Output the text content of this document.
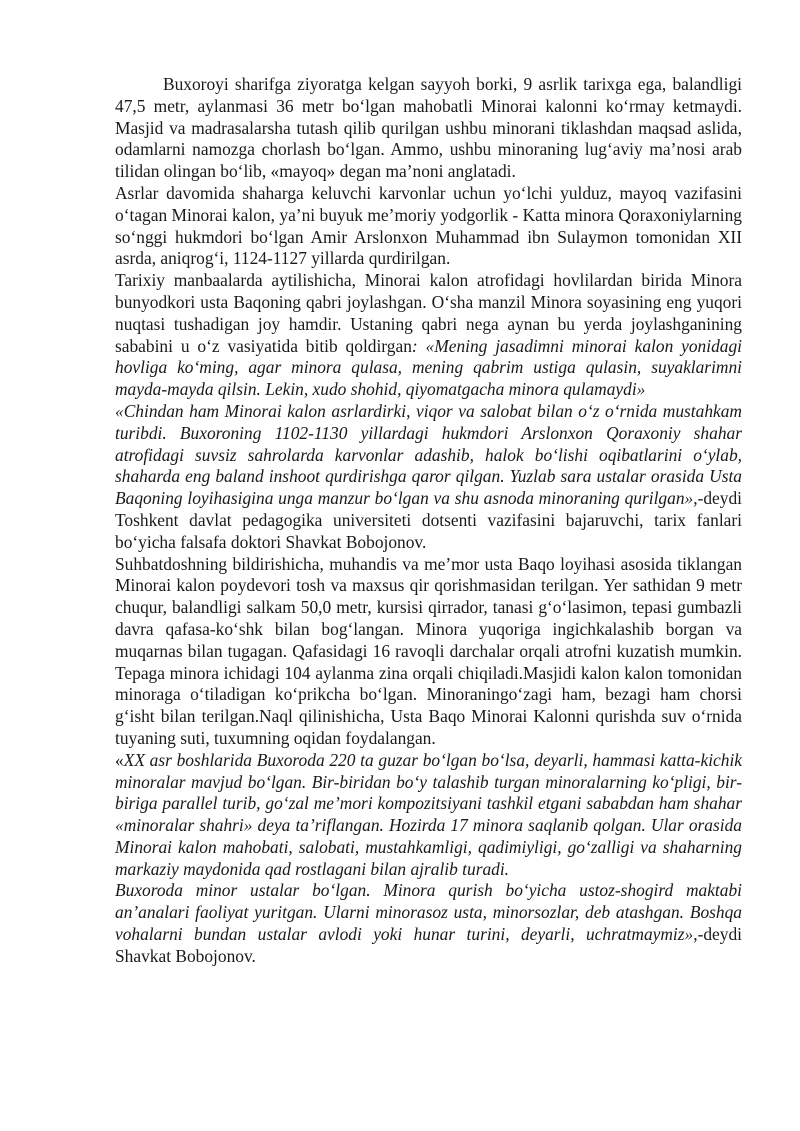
Buxoroyi sharifga ziyoratga kelgan sayyoh borki, 9 asrlik tarixga ega, balandligi 47,5 metr, aylanmasi 36 metr bo‘lgan mahobatli Minorai kalonni ko‘rmay ketmaydi. Masjid va madrasalarsha tutash qilib qurilgan ushbu minorani tiklashdan maqsad aslida, odamlarni namozga chorlash bo‘lgan. Ammo, ushbu minoraning lug‘aviy ma’nosi arab tilidan olingan bo‘lib, «mayoq» degan ma’noni anglatadi.

Asrlar davomida shaharga keluvchi karvonlar uchun yo‘lchi yulduz, mayoq vazifasini o‘tagan Minorai kalon, ya’ni buyuk me’moriy yodgorlik - Katta minora Qoraxoniylarning so‘nggi hukmdori bo‘lgan Amir Arslonxon Muhammad ibn Sulaymon tomonidan XII asrda, aniqrog‘i, 1124-1127 yillarda qurdirilgan.

Tarixiy manbaalarda aytilishicha, Minorai kalon atrofidagi hovlilardan birida Minora bunyodkori usta Baqoning qabri joylashgan. O‘sha manzil Minora soyasining eng yuqori nuqtasi tushadigan joy hamdir. Ustaning qabri nega aynan bu yerda joylashganining sababini u o‘z vasiyatida bitib qoldirgan: «Mening jasadimni minorai kalon yonidagi hovliga ko‘ming, agar minora qulasa, mening qabrim ustiga qulasin, suyaklarimni mayda-mayda qilsin. Lekin, xudo shohid, qiyomatgacha minora qulamaydi»

«Chindan ham Minorai kalon asrlardirki, viqor va salobat bilan o‘z o‘rnida mustahkam turibdi. Buxoroning 1102-1130 yillardagi hukmdori Arslonxon Qoraxoniy shahar atrofidagi suvsiz sahrolarda karvonlar adashib, halok bo‘lishi oqibatlarini o‘ylab, shaharda eng baland inshoot qurdirishga qaror qilgan. Yuzlab sara ustalar orasida Usta Baqoning loyihasigina unga manzur bo‘lgan va shu asnoda minoraning qurilgan»,-deydi Toshkent davlat pedagogika universiteti dotsenti vazifasini bajaruvchi, tarix fanlari bo‘yicha falsafa doktori Shavkat Bobojonov.

Suhbatdoshning bildirishicha, muhandis va me’mor usta Baqo loyihasi asosida tiklangan Minorai kalon poydevori tosh va maxsus qir qorishmasidan terilgan. Yer sathidan 9 metr chuqur, balandligi salkam 50,0 metr, kursisi qirrador, tanasi g‘o‘lasimon, tepasi gumbazli davra qafasa-ko‘shk bilan bog‘langan. Minora yuqoriga ingichkalashib borgan va muqarnas bilan tugagan. Qafasidagi 16 ravoqli darchalar orqali atrofni kuzatish mumkin. Tepaga minora ichidagi 104 aylanma zina orqali chiqiladi.Masjidi kalon kalon tomonidan minoraga o‘tiladigan ko‘prikcha bo‘lgan. Minoraningo‘zagi ham, bezagi ham chorsi g‘isht bilan terilgan.Naql qilinishicha, Usta Baqo Minorai Kalonni qurishda suv o‘rnida tuyaning suti, tuxumning oqidan foydalangan.

«XX asr boshlarida Buxoroda 220 ta guzar bo‘lgan bo‘lsa, deyarli, hammasi katta-kichik minoralar mavjud bo‘lgan. Bir-biridan bo‘y talashib turgan minoralarning ko‘pligi, bir-biriga parallel turib, go‘zal me’mori kompozitsiyani tashkil etgani sababdan ham shahar «minoralar shahri» deya ta’riflangan. Hozirda 17 minora saqlanib qolgan. Ular orasida Minorai kalon mahobati, salobati, mustahkamligi, qadimiyligi, go‘zalligi va shaharning markaziy maydonida qad rostlagani bilan ajralib turadi.

Buxoroda minor ustalar bo‘lgan. Minora qurish bo‘yicha ustoz-shogird maktabi an’analari faoliyat yuritgan. Ularni minorasoz usta, minorsozlar, deb atashgan. Boshqa vohalarni bundan ustalar avlodi yoki hunar turini, deyarli, uchratmaymiz»,-deydi Shavkat Bobojonov.
